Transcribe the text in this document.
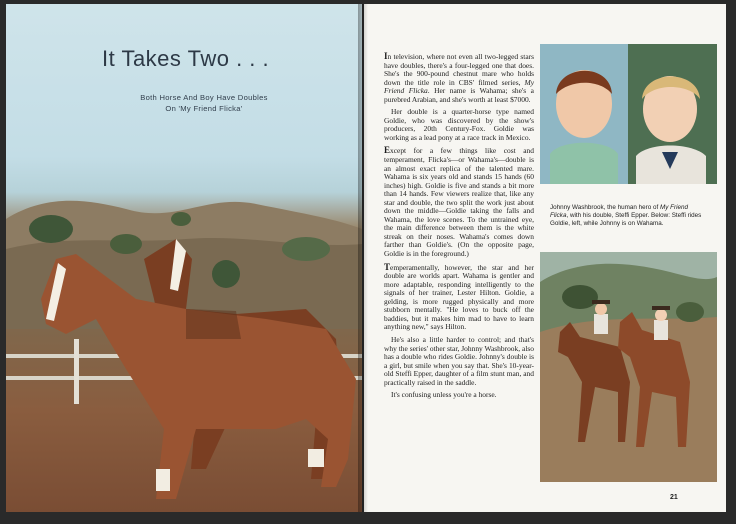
It Takes Two . . .
Both Horse And Boy Have Doubles
On 'My Friend Flicka'

In television, where not even all two-legged stars have doubles, there's a four-legged one that does. She's the 900-pound chestnut mare who holds down the title role in CBS' filmed series, My Friend Flicka. Her name is Wahama; she's a purebred Arabian, and she's worth at least $7000.

Her double is a quarter-horse type named Goldie, who was discovered by the show's producers, 20th Century-Fox. Goldie was working as a lead pony at a race track in Mexico.

Except for a few things like cost and temperament, Flicka's—or Wahama's—double is an almost exact replica of the talented mare. Wahama is six years old and stands 15 hands (60 inches) high. Goldie is five and stands a bit more than 14 hands. Few viewers realize that, like any star and double, the two split the work just about down the middle—Goldie taking the falls and Wahama, the love scenes. To the untrained eye, the main difference between them is the white streak on their noses. Wahama's comes down farther than Goldie's. (On the opposite page, Goldie is in the foreground.)

Temperamentally, however, the star and her double are worlds apart. Wahama is gentler and more adaptable, responding intelligently to the signals of her trainer, Lester Hilton. Goldie, a gelding, is more rugged physically and more stubborn mentally. "He loves to buck off the baddies, but it makes him mad to have to learn anything new," says Hilton.

He's also a little harder to control; and that's why the series' other star, Johnny Washbrook, also has a double who rides Goldie. Johnny's double is a girl, but smile when you say that. She's 10-year-old Steffi Epper, daughter of a film stunt man, and practically raised in the saddle.

It's confusing unless you're a horse.

Johnny Washbrook, the human hero of My Friend Flicka, with his double, Steffi Epper. Below: Steffi rides Goldie, left, while Johnny is on Wahama.
21
